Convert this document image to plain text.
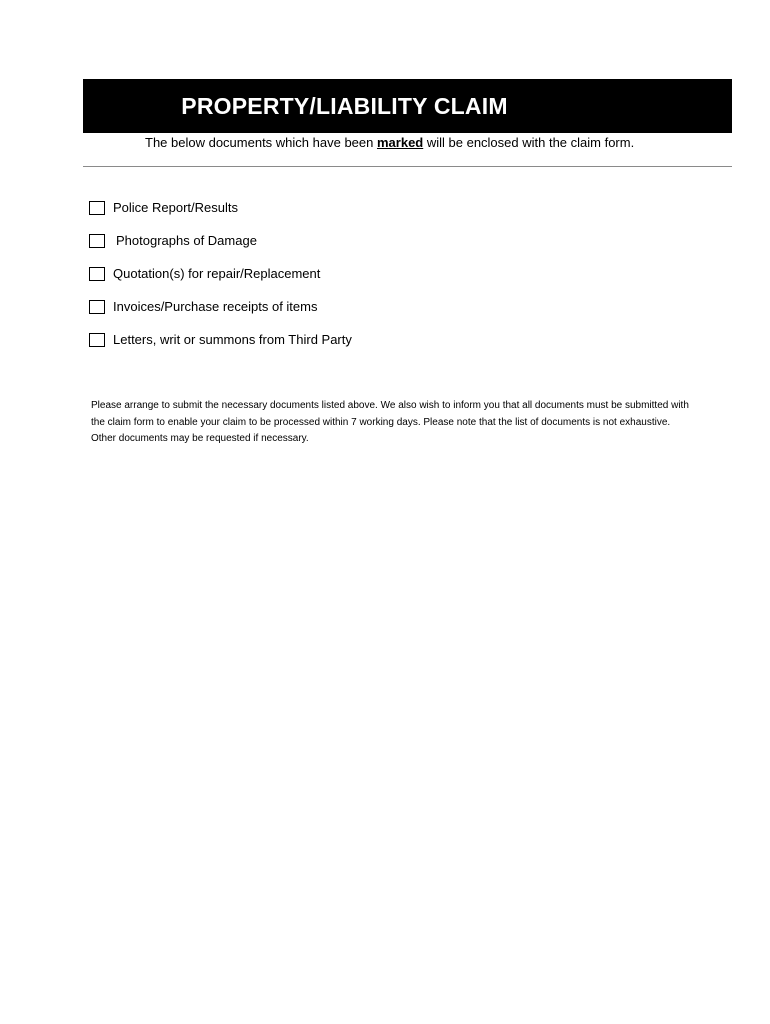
PROPERTY/LIABILITY CLAIM
The below documents which have been marked will be enclosed with the claim form.
Police Report/Results
Photographs of Damage
Quotation(s) for repair/Replacement
Invoices/Purchase receipts of items
Letters, writ or summons from Third Party

Please arrange to submit the necessary documents listed above. We also wish to inform you that all documents must be submitted with

the claim form to enable your claim to be processed within 7 working days. Please note that the list of documents is not exhaustive.

Other documents may be requested if necessary.
